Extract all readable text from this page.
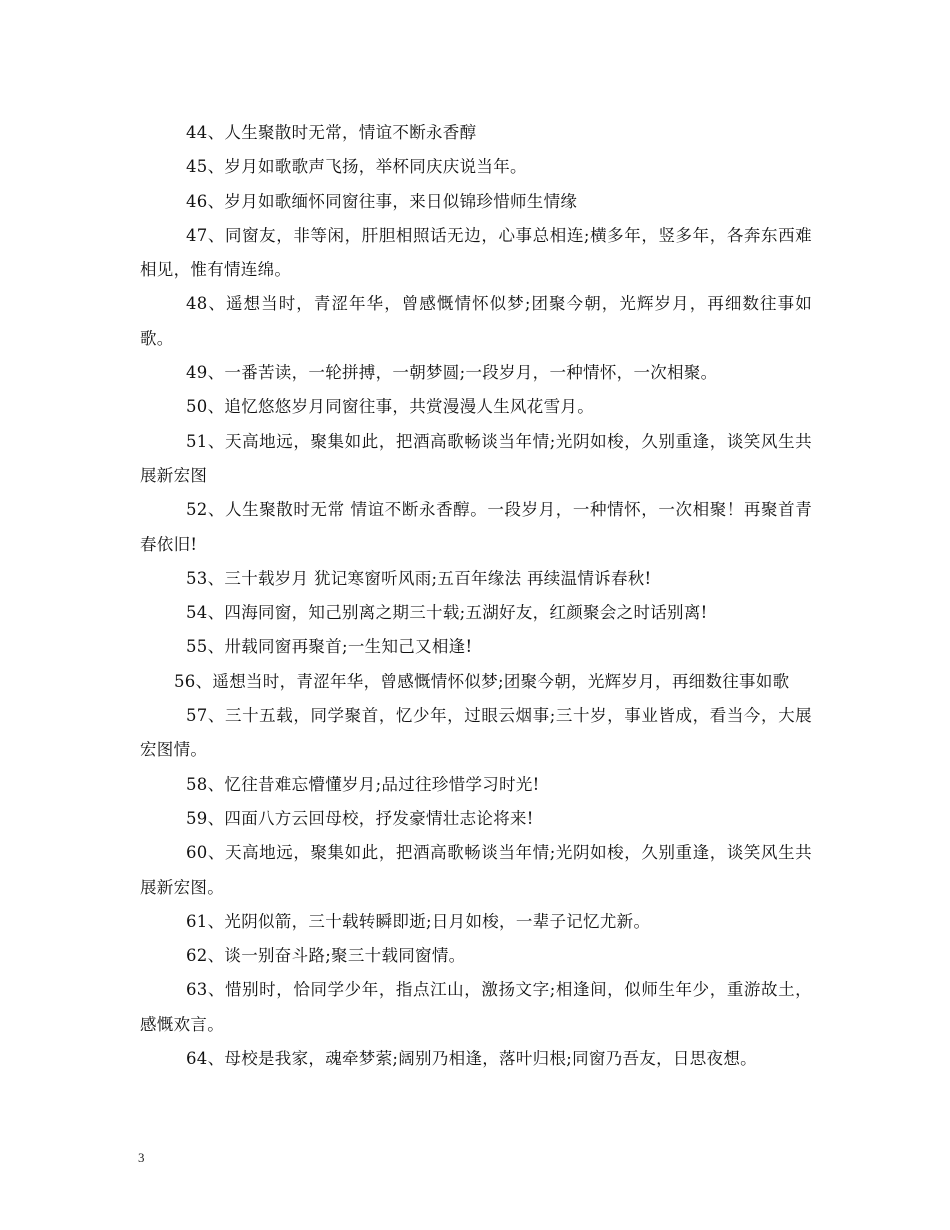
44、人生聚散时无常，情谊不断永香醇

45、岁月如歌歌声飞扬，举杯同庆庆说当年。

46、岁月如歌缅怀同窗往事，来日似锦珍惜师生情缘

47、同窗友，非等闲，肝胆相照话无边，心事总相连;横多年，竖多年，各奔东西难相见，惟有情连绵。

48、遥想当时，青涩年华，曾感慨情怀似梦;团聚今朝，光辉岁月，再细数往事如歌。

49、一番苦读，一轮拼搏，一朝梦圆;一段岁月，一种情怀，一次相聚。

50、追忆悠悠岁月同窗往事，共赏漫漫人生风花雪月。

51、天高地远，聚集如此，把酒高歌畅谈当年情;光阴如梭，久别重逢，谈笑风生共展新宏图

52、人生聚散时无常 情谊不断永香醇。一段岁月，一种情怀，一次相聚！再聚首青春依旧!

53、三十载岁月 犹记寒窗听风雨;五百年缘法 再续温情诉春秋!

54、四海同窗，知己别离之期三十载;五湖好友，红颜聚会之时话别离!

55、卅载同窗再聚首;一生知己又相逢!

56、遥想当时，青涩年华，曾感慨情怀似梦;团聚今朝，光辉岁月，再细数往事如歌

57、三十五载，同学聚首，忆少年，过眼云烟事;三十岁，事业皆成，看当今，大展宏图情。

58、忆往昔难忘懵懂岁月;品过往珍惜学习时光!

59、四面八方云回母校，抒发豪情壮志论将来!

60、天高地远，聚集如此，把酒高歌畅谈当年情;光阴如梭，久别重逢，谈笑风生共展新宏图。

61、光阴似箭，三十载转瞬即逝;日月如梭，一辈子记忆尤新。

62、谈一别奋斗路;聚三十载同窗情。

63、惜别时，恰同学少年，指点江山，激扬文字;相逢间，似师生年少，重游故土，感慨欢言。

64、母校是我家，魂牵梦萦;阔别乃相逢，落叶归根;同窗乃吾友，日思夜想。

3
